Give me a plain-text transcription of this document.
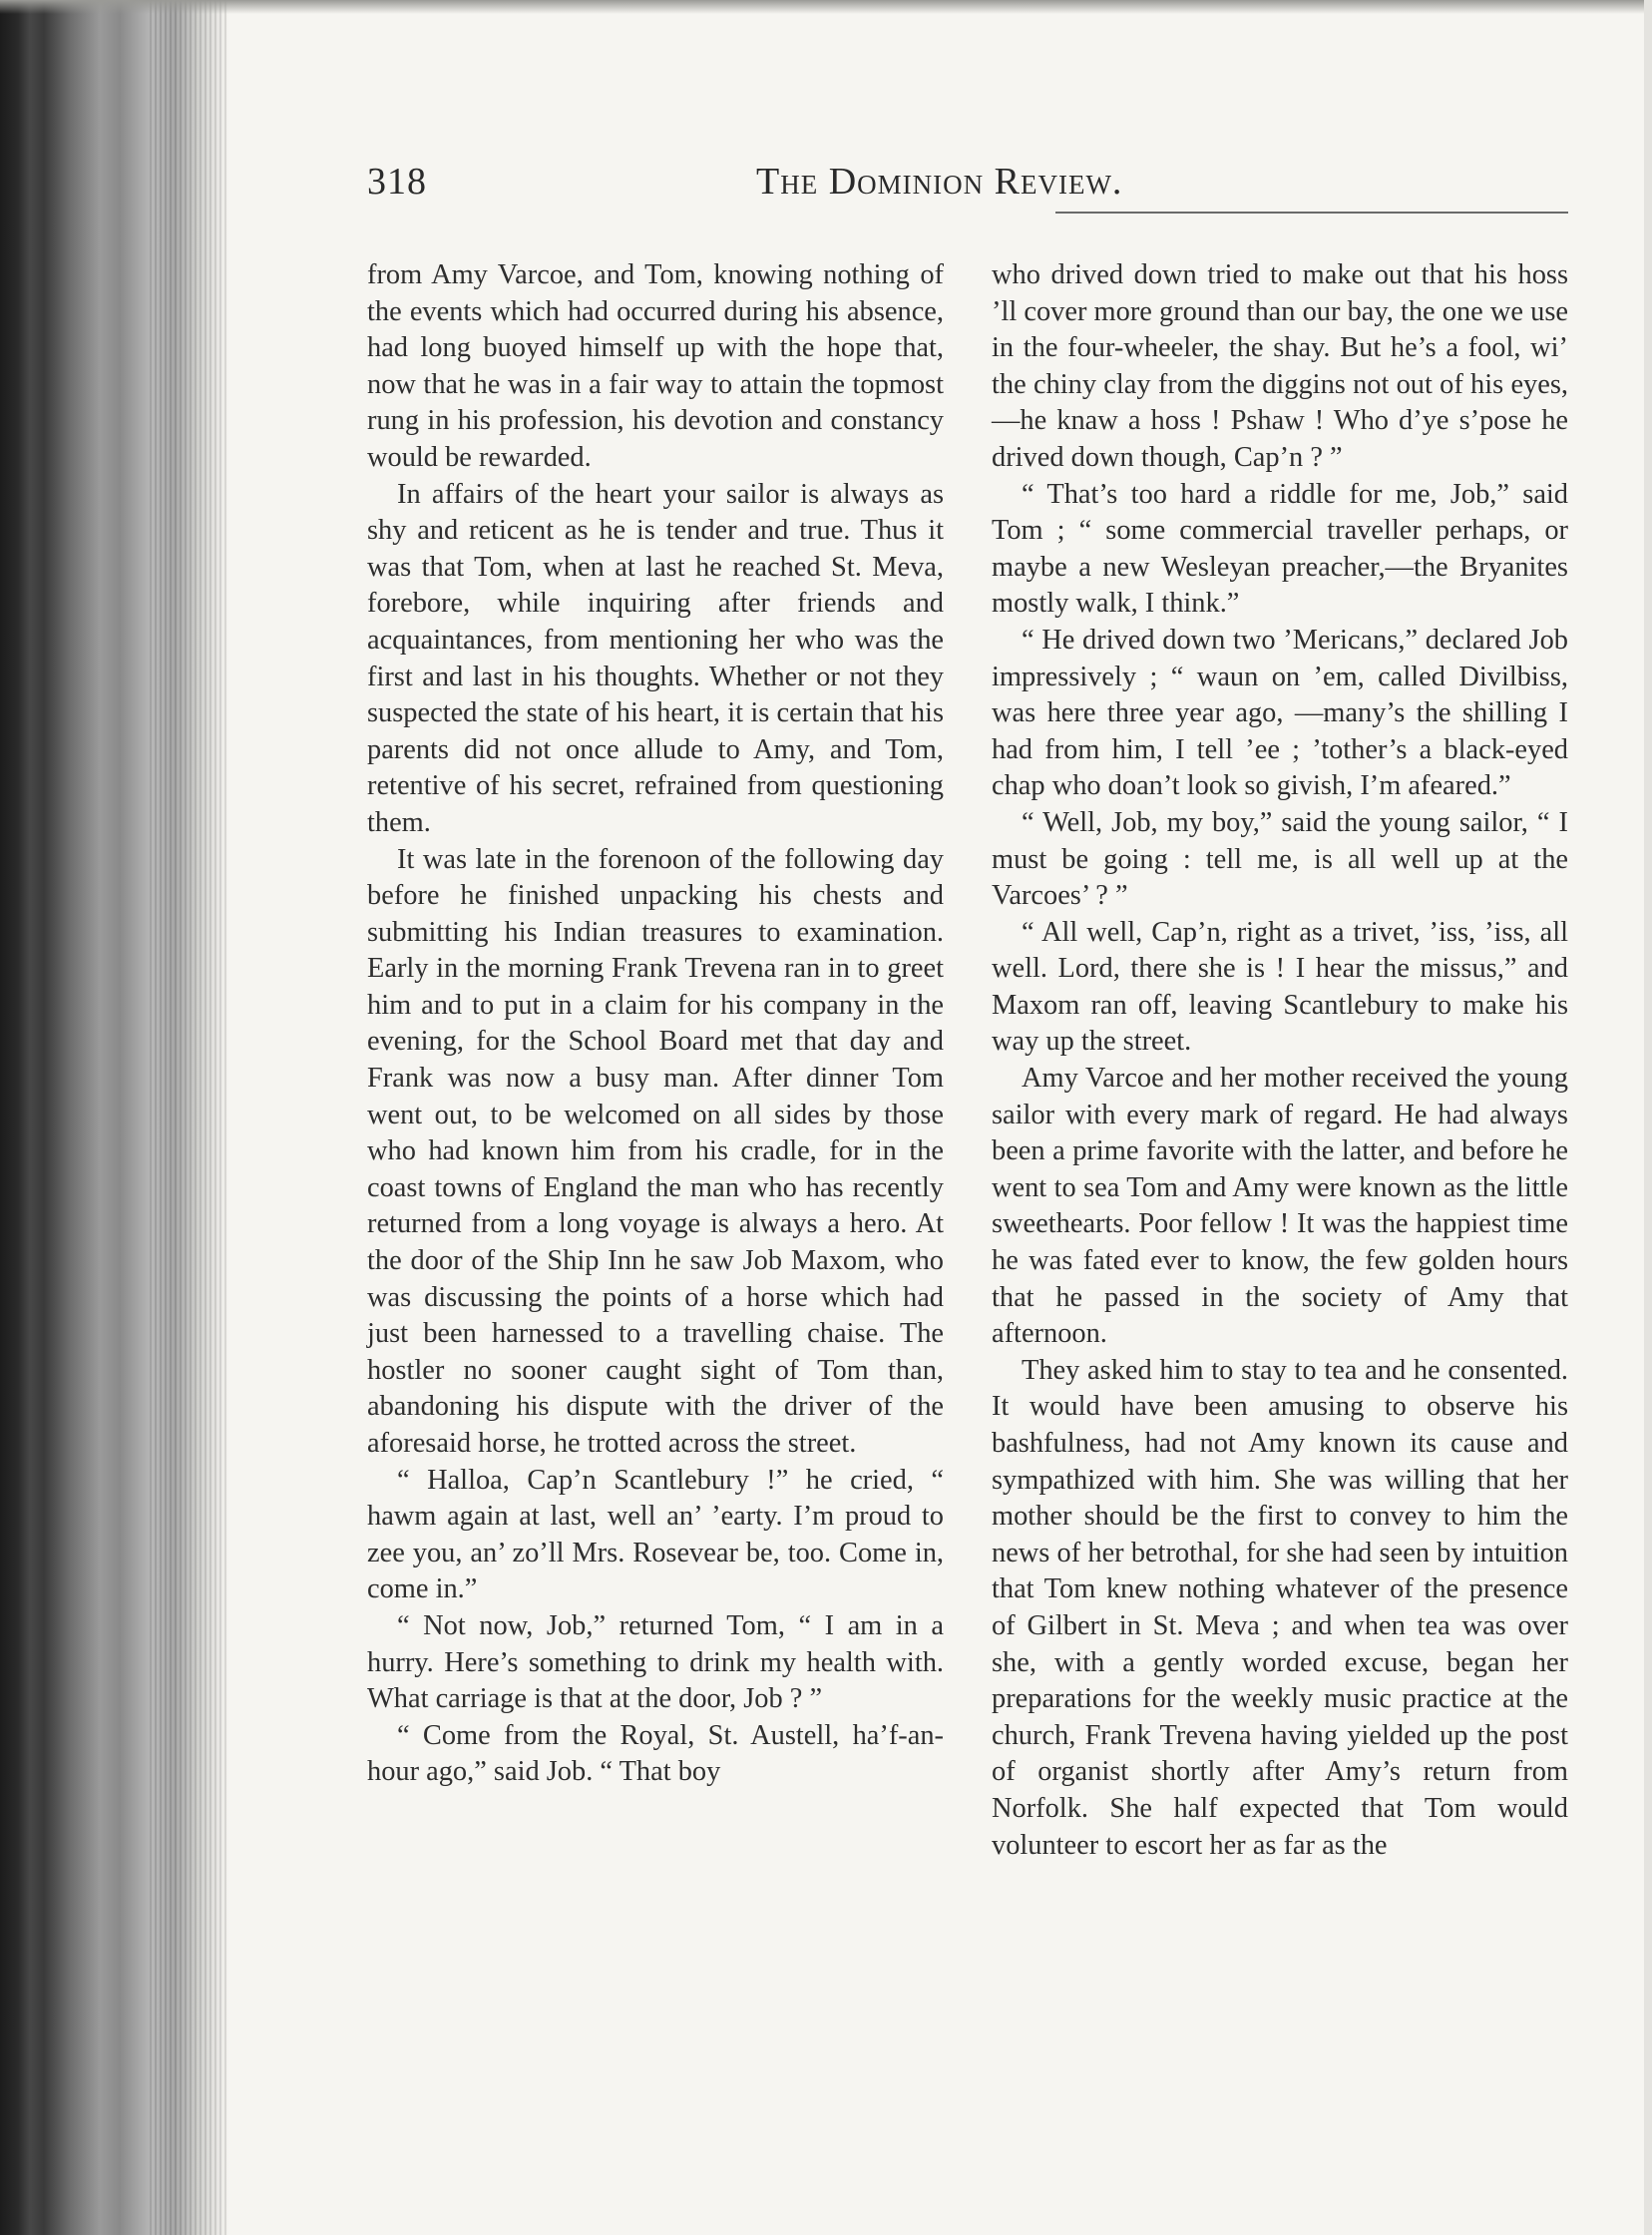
318	The Dominion Review.

from Amy Varcoe, and Tom, knowing nothing of the events which had occurred during his absence, had long buoyed himself up with the hope that, now that he was in a fair way to attain the topmost rung in his profession, his devotion and constancy would be rewarded.

In affairs of the heart your sailor is always as shy and reticent as he is tender and true. Thus it was that Tom, when at last he reached St. Meva, forebore, while inquiring after friends and acquaintances, from mentioning her who was the first and last in his thoughts. Whether or not they suspected the state of his heart, it is certain that his parents did not once allude to Amy, and Tom, retentive of his secret, refrained from questioning them.

It was late in the forenoon of the following day before he finished unpacking his chests and submitting his Indian treasures to examination. Early in the morning Frank Trevena ran in to greet him and to put in a claim for his company in the evening, for the School Board met that day and Frank was now a busy man. After dinner Tom went out, to be welcomed on all sides by those who had known him from his cradle, for in the coast towns of England the man who has recently returned from a long voyage is always a hero. At the door of the Ship Inn he saw Job Maxom, who was discussing the points of a horse which had just been harnessed to a travelling chaise. The hostler no sooner caught sight of Tom than, abandoning his dispute with the driver of the aforesaid horse, he trotted across the street.

“ Halloa, Cap’n Scantlebury !” he cried, “ hawm again at last, well an’ ’earty. I’m proud to zee you, an’ zo’ll Mrs. Rosevear be, too. Come in, come in.”

“ Not now, Job,” returned Tom, “ I am in a hurry. Here’s something to drink my health with. What carriage is that at the door, Job ? ”

“ Come from the Royal, St. Austell, ha’f-an-hour ago,” said Job. “ That boy

who drived down tried to make out that his hoss ’ll cover more ground than our bay, the one we use in the four-wheeler, the shay. But he’s a fool, wi’ the chiny clay from the diggins not out of his eyes, —he knaw a hoss ! Pshaw ! Who d’ye s’pose he drived down though, Cap’n ? ”

“ That’s too hard a riddle for me, Job,” said Tom ; “ some commercial traveller perhaps, or maybe a new Wesleyan preacher,—the Bryanites mostly walk, I think.”

“ He drived down two ’Mericans,” declared Job impressively ; “ waun on ’em, called Divilbiss, was here three year ago, —many’s the shilling I had from him, I tell ’ee ; ’tother’s a black-eyed chap who doan’t look so givish, I’m afeared.”

“ Well, Job, my boy,” said the young sailor, “ I must be going : tell me, is all well up at the Varcoes’ ? ”

“ All well, Cap’n, right as a trivet, ’iss, ’iss, all well. Lord, there she is ! I hear the missus,” and Maxom ran off, leaving Scantlebury to make his way up the street.

Amy Varcoe and her mother received the young sailor with every mark of regard. He had always been a prime favorite with the latter, and before he went to sea Tom and Amy were known as the little sweethearts. Poor fellow ! It was the happiest time he was fated ever to know, the few golden hours that he passed in the society of Amy that afternoon.

They asked him to stay to tea and he consented. It would have been amusing to observe his bashfulness, had not Amy known its cause and sympathized with him. She was willing that her mother should be the first to convey to him the news of her betrothal, for she had seen by intuition that Tom knew nothing whatever of the presence of Gilbert in St. Meva ; and when tea was over she, with a gently worded excuse, began her preparations for the weekly music practice at the church, Frank Trevena having yielded up the post of organist shortly after Amy’s return from Norfolk. She half expected that Tom would volunteer to escort her as far as the
